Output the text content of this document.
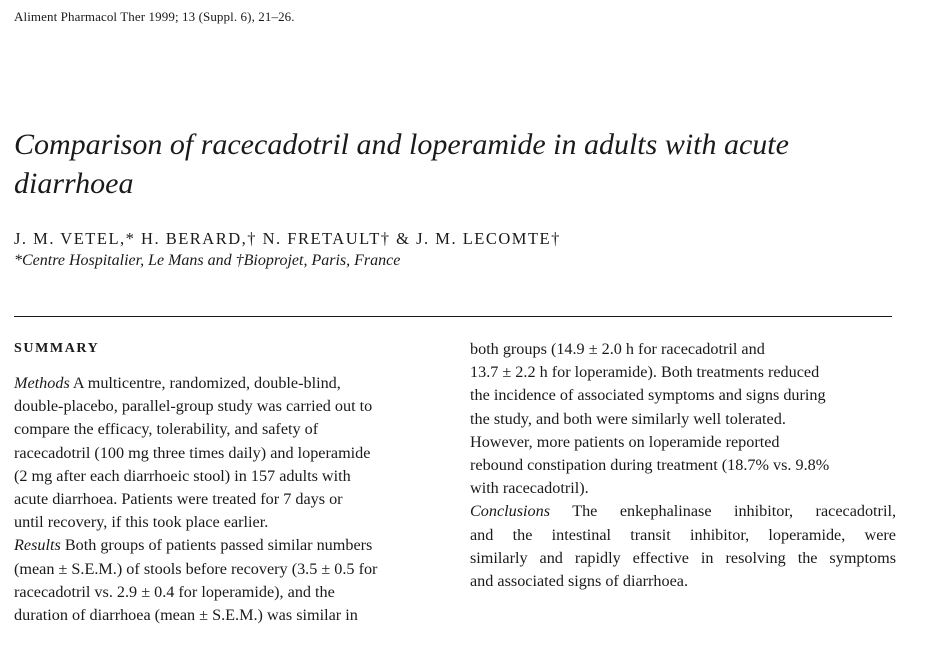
Aliment Pharmacol Ther 1999; 13 (Suppl. 6), 21–26.

Comparison of racecadotril and loperamide in adults with acute diarrhoea

J. M. VETEL,* H. BERARD,† N. FRETAULT† & J. M. LECOMTE†

*Centre Hospitalier, Le Mans and †Bioprojet, Paris, France

SUMMARY
Methods A multicentre, randomized, double-blind,
double-placebo, parallel-group study was carried out to
compare the efficacy, tolerability, and safety of
racecadotril (100 mg three times daily) and loperamide
(2 mg after each diarrhoeic stool) in 157 adults with
acute diarrhoea. Patients were treated for 7 days or
until recovery, if this took place earlier.
Results Both groups of patients passed similar numbers
(mean ± S.E.M.) of stools before recovery (3.5 ± 0.5 for
racecadotril vs. 2.9 ± 0.4 for loperamide), and the
duration of diarrhoea (mean ± S.E.M.) was similar in
both groups (14.9 ± 2.0 h for racecadotril and
13.7 ± 2.2 h for loperamide). Both treatments reduced
the incidence of associated symptoms and signs during
the study, and both were similarly well tolerated.
However, more patients on loperamide reported
rebound constipation during treatment (18.7% vs. 9.8%
with racecadotril).
Conclusions The enkephalinase inhibitor, racecadotril,
and the intestinal transit inhibitor, loperamide, were
similarly and rapidly effective in resolving the symptoms
and associated signs of diarrhoea.
